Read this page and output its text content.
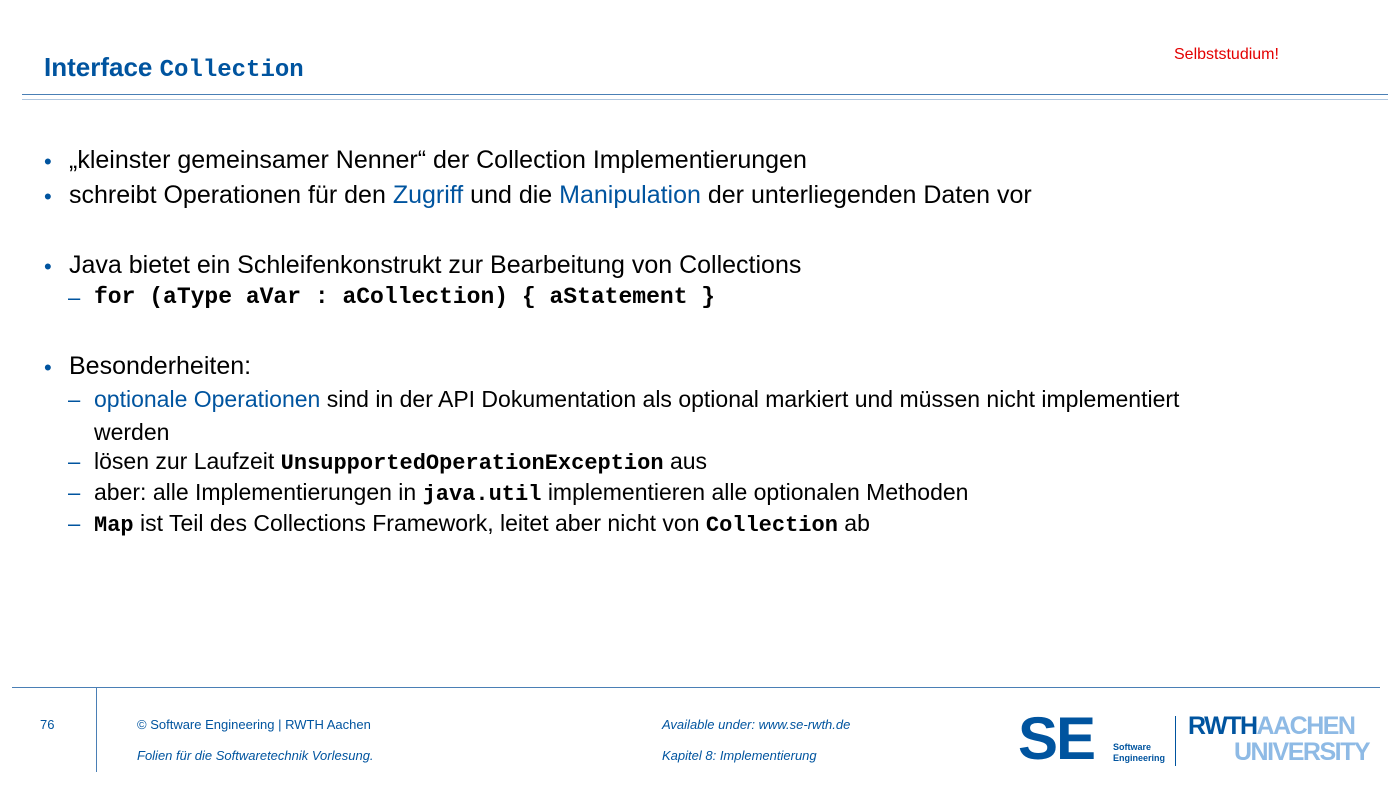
Interface Collection
Selbststudium!
• „kleinster gemeinsamer Nenner“ der Collection Implementierungen
• schreibt Operationen für den Zugriff und die Manipulation der unterliegenden Daten vor
• Java bietet ein Schleifenkonstrukt zur Bearbeitung von Collections
– for (aType aVar : aCollection) { aStatement }
• Besonderheiten:
– optionale Operationen sind in der API Dokumentation als optional markiert und müssen nicht implementiert
werden
– lösen zur Laufzeit UnsupportedOperationException aus
– aber: alle Implementierungen in java.util implementieren alle optionalen Methoden
– Map ist Teil des Collections Framework, leitet aber nicht von Collection ab
76	© Software Engineering | RWTH Aachen
Folien für die Softwaretechnik Vorlesung.
Available under: www.se-rwth.de
Kapitel 8: Implementierung	SE Software
Engineering
RWTHAACHEN
UNIVERSITY
